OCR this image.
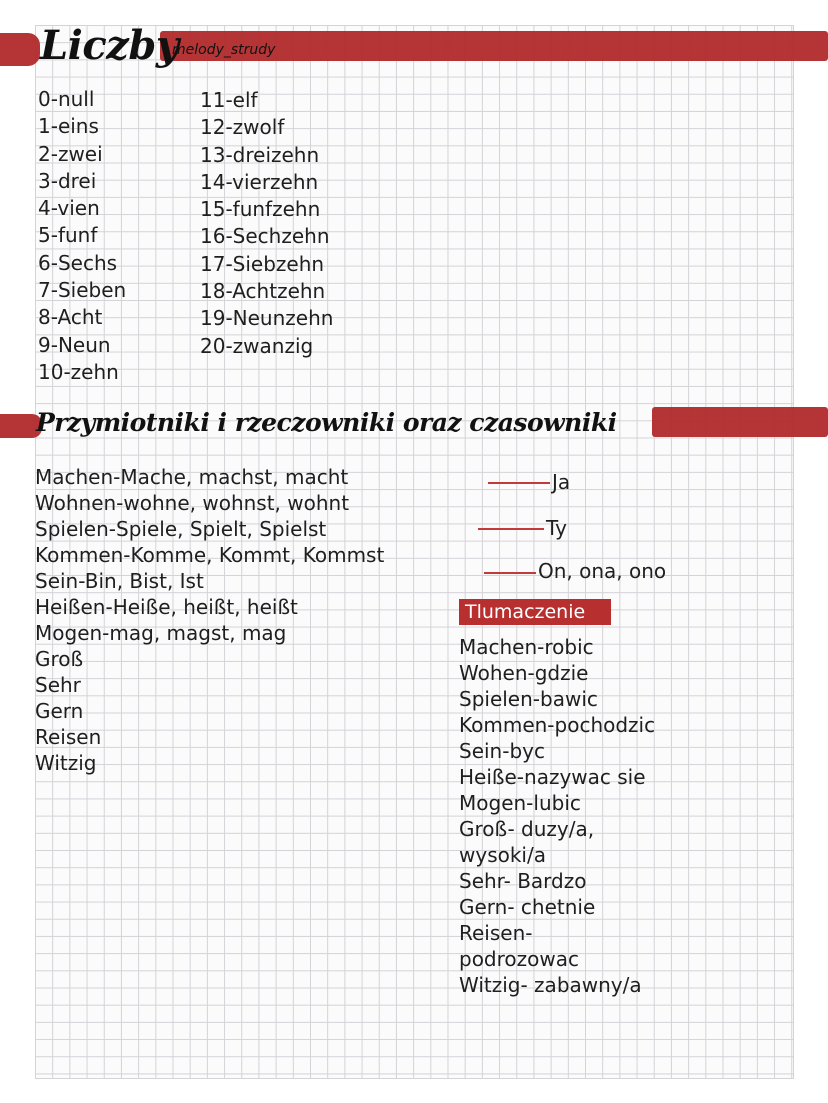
Liczby
melody_strudy
0-null
1-eins
2-zwei
3-drei
4-vien
5-funf
6-Sechs
7-Sieben
8-Acht
9-Neun
10-zehn
11-elf
12-zwolf
13-dreizehn
14-vierzehn
15-funfzehn
16-Sechzehn
17-Siebzehn
18-Achtzehn
19-Neunzehn
20-zwanzig
Przymiotniki i rzeczowniki oraz czasowniki
Machen-Mache, machst, macht
Wohnen-wohne, wohnst, wohnt
Spielen-Spiele, Spielt, Spielst
Kommen-Komme, Kommt, Kommst
Sein-Bin, Bist, Ist
Heißen-Heiße, heißt, heißt
Mogen-mag, magst, mag
Groß
Sehr
Gern
Reisen
Witzig
Ja
Ty
On, ona, ono
Tlumaczenie
Machen-robic
Wohen-gdzie
Spielen-bawic
Kommen-pochodzic
Sein-byc
Heiße-nazywac sie
Mogen-lubic
Groß- duzy/a,
wysoki/a
Sehr- Bardzo
Gern- chetnie
Reisen-
podrozowac
Witzig- zabawny/a
